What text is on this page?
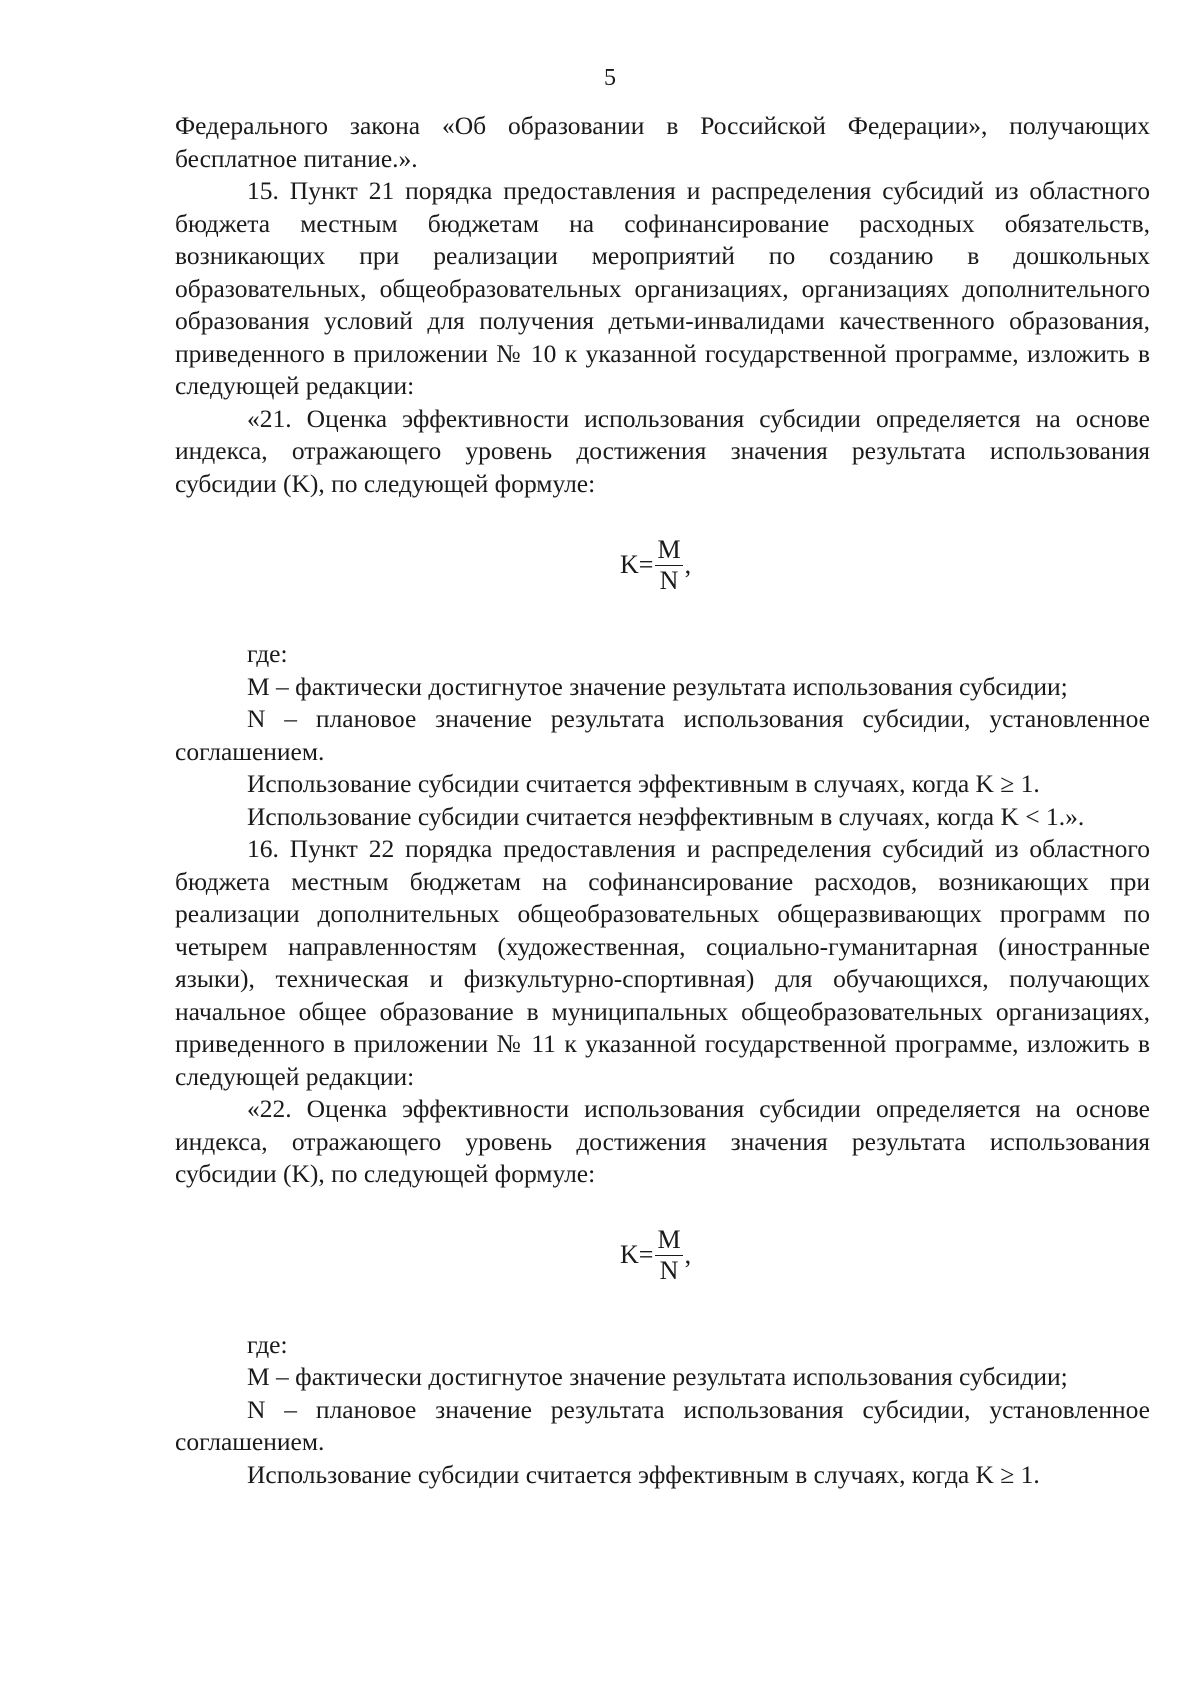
5

Федерального закона «Об образовании в Российской Федерации», получающих бесплатное питание.».

15. Пункт 21 порядка предоставления и распределения субсидий из областного бюджета местным бюджетам на софинансирование расходных обязательств, возникающих при реализации мероприятий по созданию в дошкольных образовательных, общеобразовательных организациях, организациях дополнительного образования условий для получения детьми-инвалидами качественного образования, приведенного в приложении № 10 к указанной государственной программе, изложить в следующей редакции:

«21. Оценка эффективности использования субсидии определяется на основе индекса, отражающего уровень достижения значения результата использования субсидии (K), по следующей формуле:

$K= \frac{M}{N}$ ,

где:

M – фактически достигнутое значение результата использования субсидии;

N – плановое значение результата использования субсидии, установленное соглашением.

Использование субсидии считается эффективным в случаях, когда K ≥ 1.

Использование субсидии считается неэффективным в случаях, когда K < 1.».

16. Пункт 22 порядка предоставления и распределения субсидий из областного бюджета местным бюджетам на софинансирование расходов, возникающих при реализации дополнительных общеобразовательных общеразвивающих программ по четырем направленностям (художественная, социально-гуманитарная (иностранные языки), техническая и физкультурно-спортивная) для обучающихся, получающих начальное общее образование в муниципальных общеобразовательных организациях, приведенного в приложении № 11 к указанной государственной программе, изложить в следующей редакции:

«22. Оценка эффективности использования субсидии определяется на основе индекса, отражающего уровень достижения значения результата использования субсидии (K), по следующей формуле:

$K= \frac{M}{N}$ ,

где:

M – фактически достигнутое значение результата использования субсидии;

N – плановое значение результата использования субсидии, установленное соглашением.

Использование субсидии считается эффективным в случаях, когда K ≥ 1.
